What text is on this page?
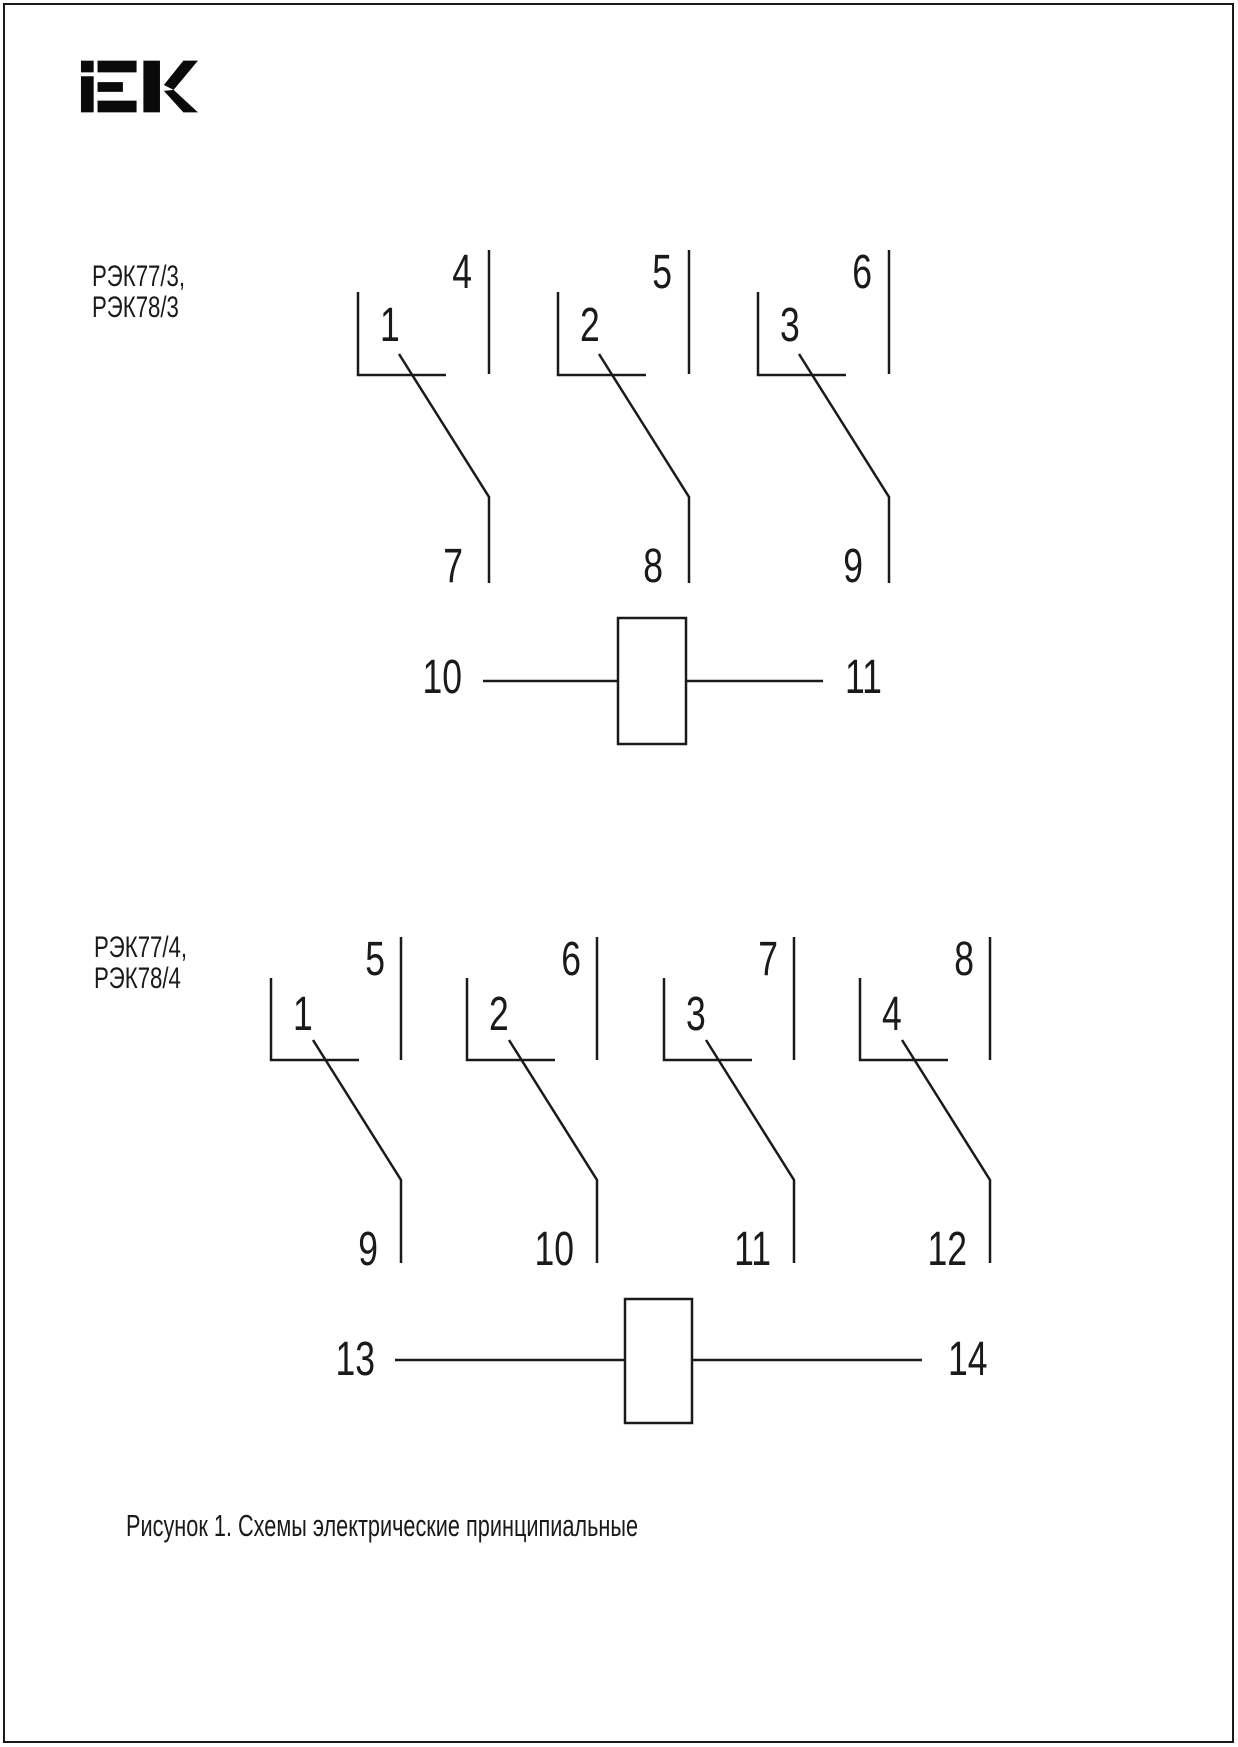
РЭК77/3,
РЭК78/3	1	2	3
4	5	6
7	8	9
10	11
РЭК77/4,
РЭК78/4
1	2	3	4
5	6	7	8
9	10	11	12
13	14
Рисунок 1. Схемы электрические принципиальные
